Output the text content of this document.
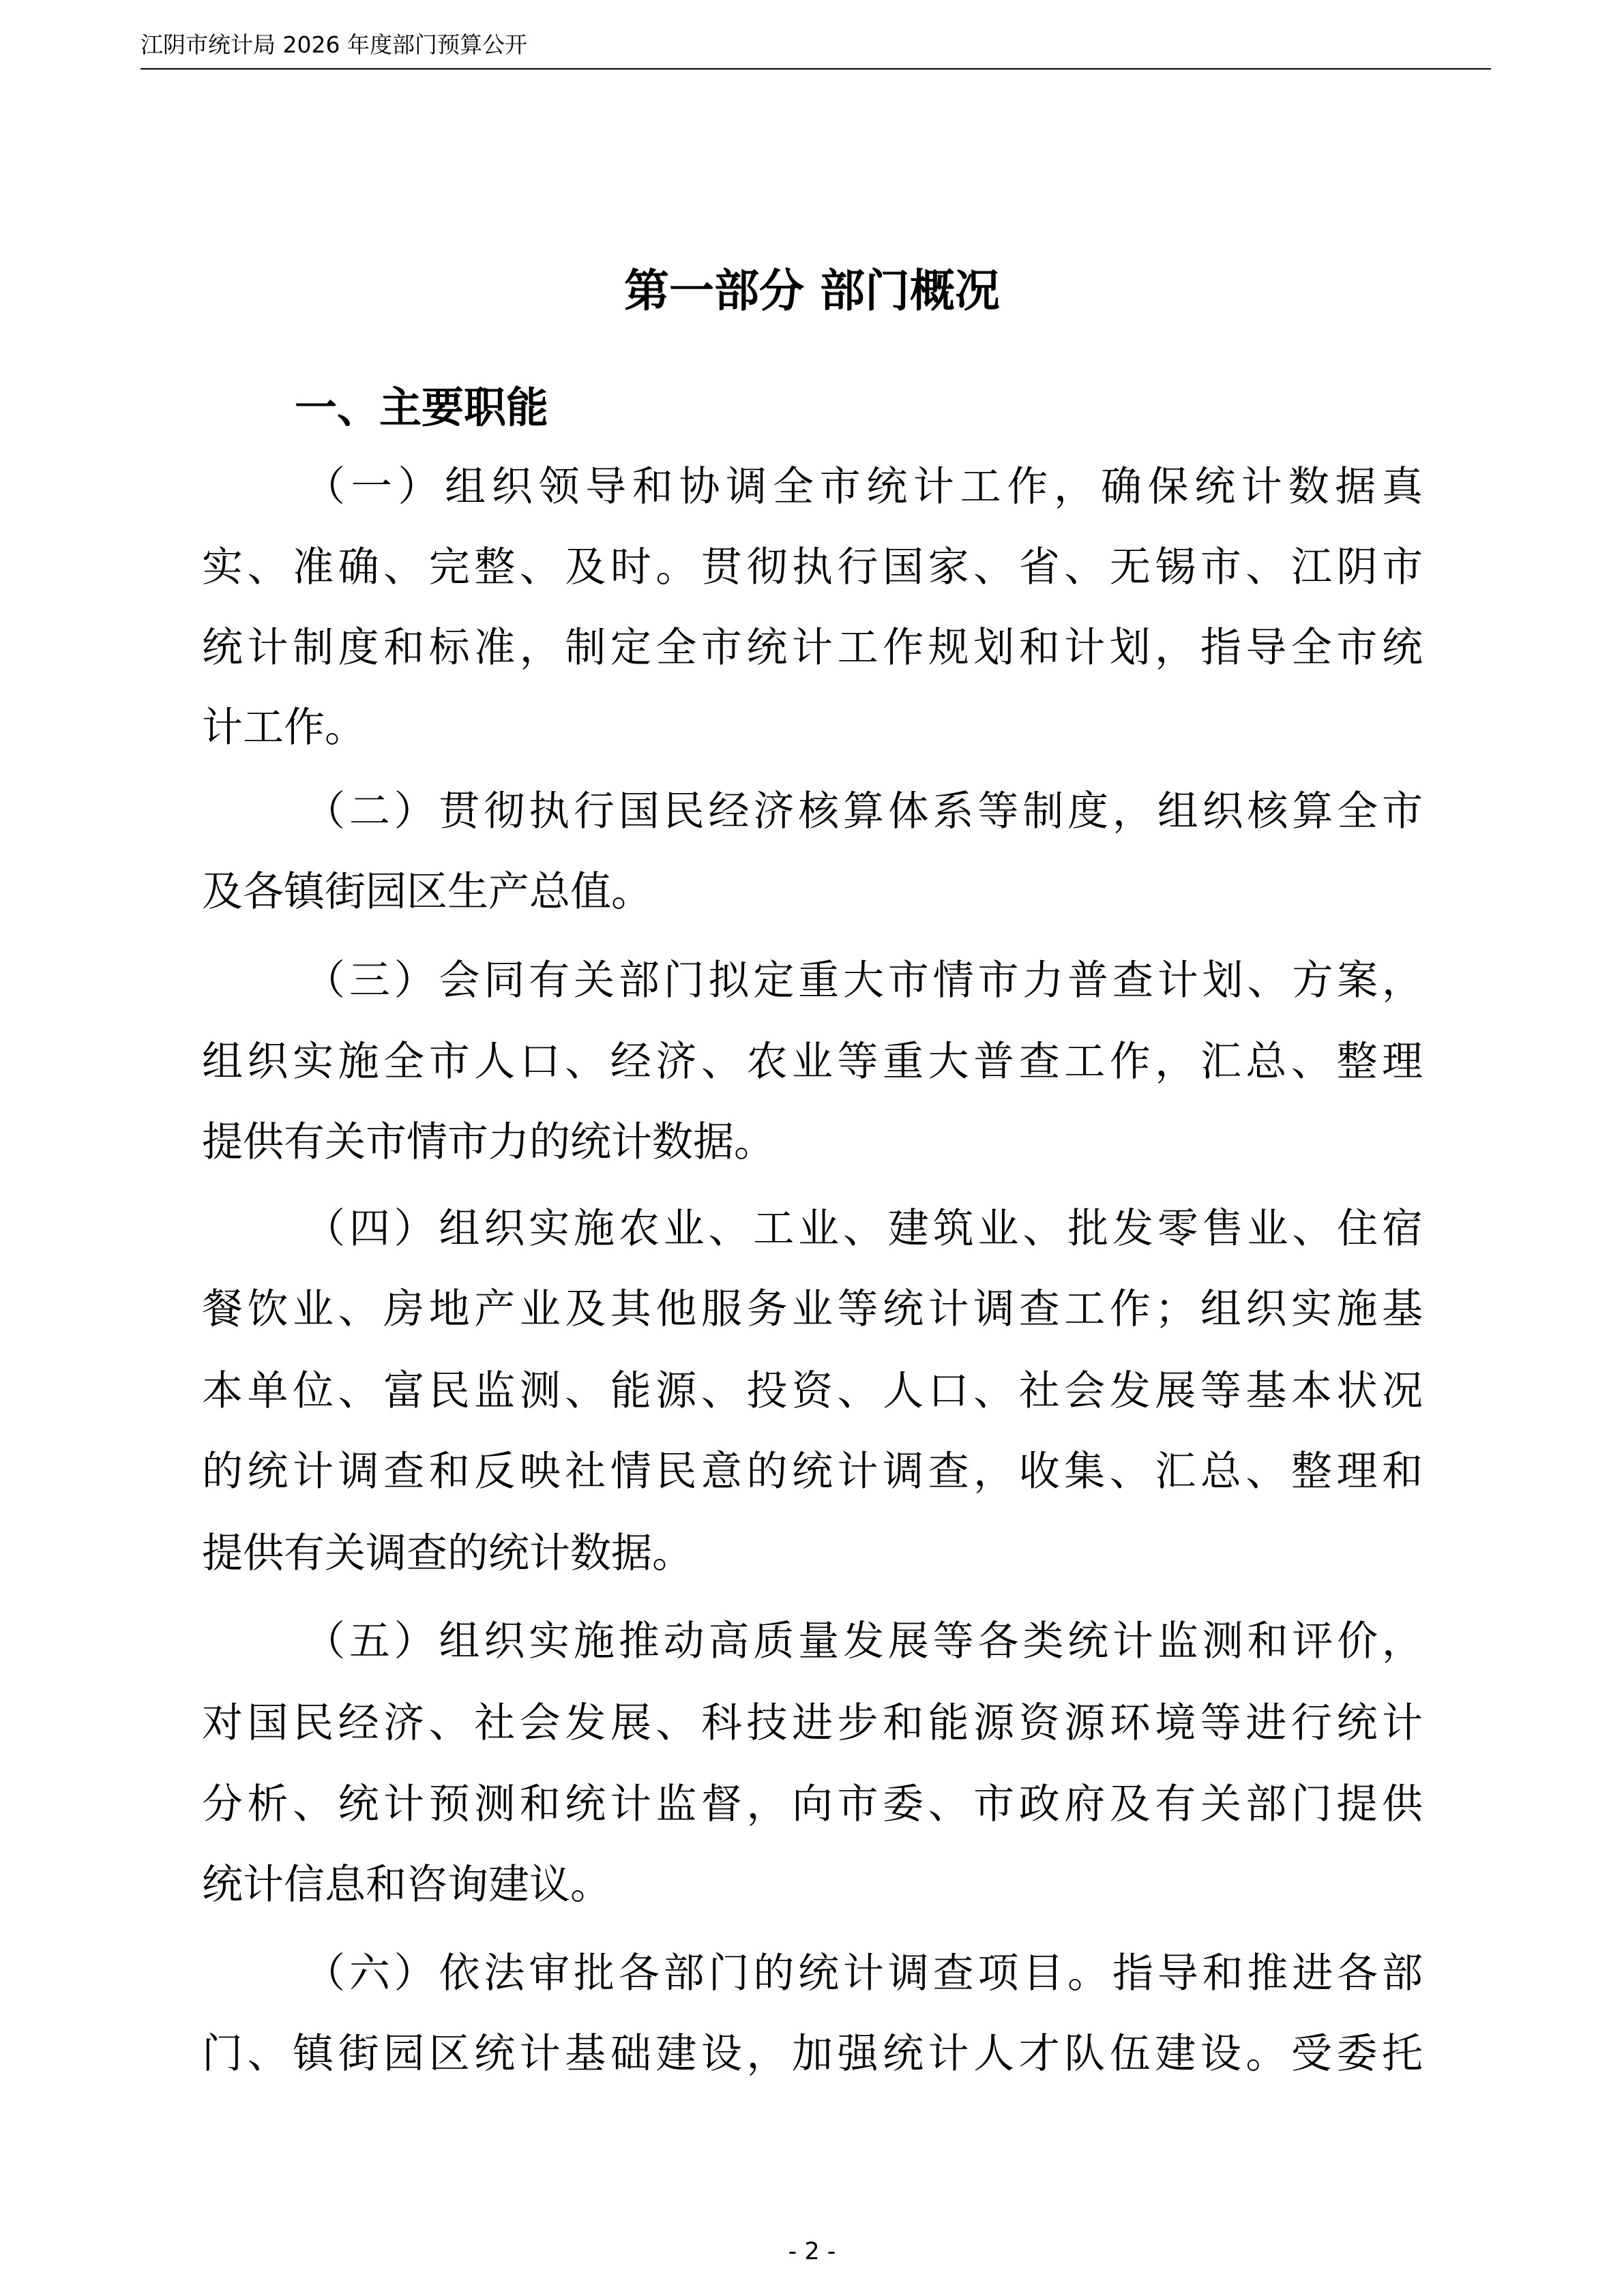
江阴市统计局 2026 年度部门预算公开
第一部分 部门概况
一、主要职能
（一）组织领导和协调全市统计工作，确保统计数据真
实、准确、完整、及时。贯彻执行国家、省、无锡市、江阴市
统计制度和标准，制定全市统计工作规划和计划，指导全市统
计工作。
（二）贯彻执行国民经济核算体系等制度，组织核算全市
及各镇街园区生产总值。
（三）会同有关部门拟定重大市情市力普查计划、方案，
组织实施全市人口、经济、农业等重大普查工作，汇总、整理
提供有关市情市力的统计数据。
（四）组织实施农业、工业、建筑业、批发零售业、住宿
餐饮业、房地产业及其他服务业等统计调查工作；组织实施基
本单位、富民监测、能源、投资、人口、社会发展等基本状况
的统计调查和反映社情民意的统计调查，收集、汇总、整理和
提供有关调查的统计数据。
（五）组织实施推动高质量发展等各类统计监测和评价，
对国民经济、社会发展、科技进步和能源资源环境等进行统计
分析、统计预测和统计监督，向市委、市政府及有关部门提供
统计信息和咨询建议。
（六）依法审批各部门的统计调查项目。指导和推进各部
门、镇街园区统计基础建设，加强统计人才队伍建设。受委托
- 2 -
